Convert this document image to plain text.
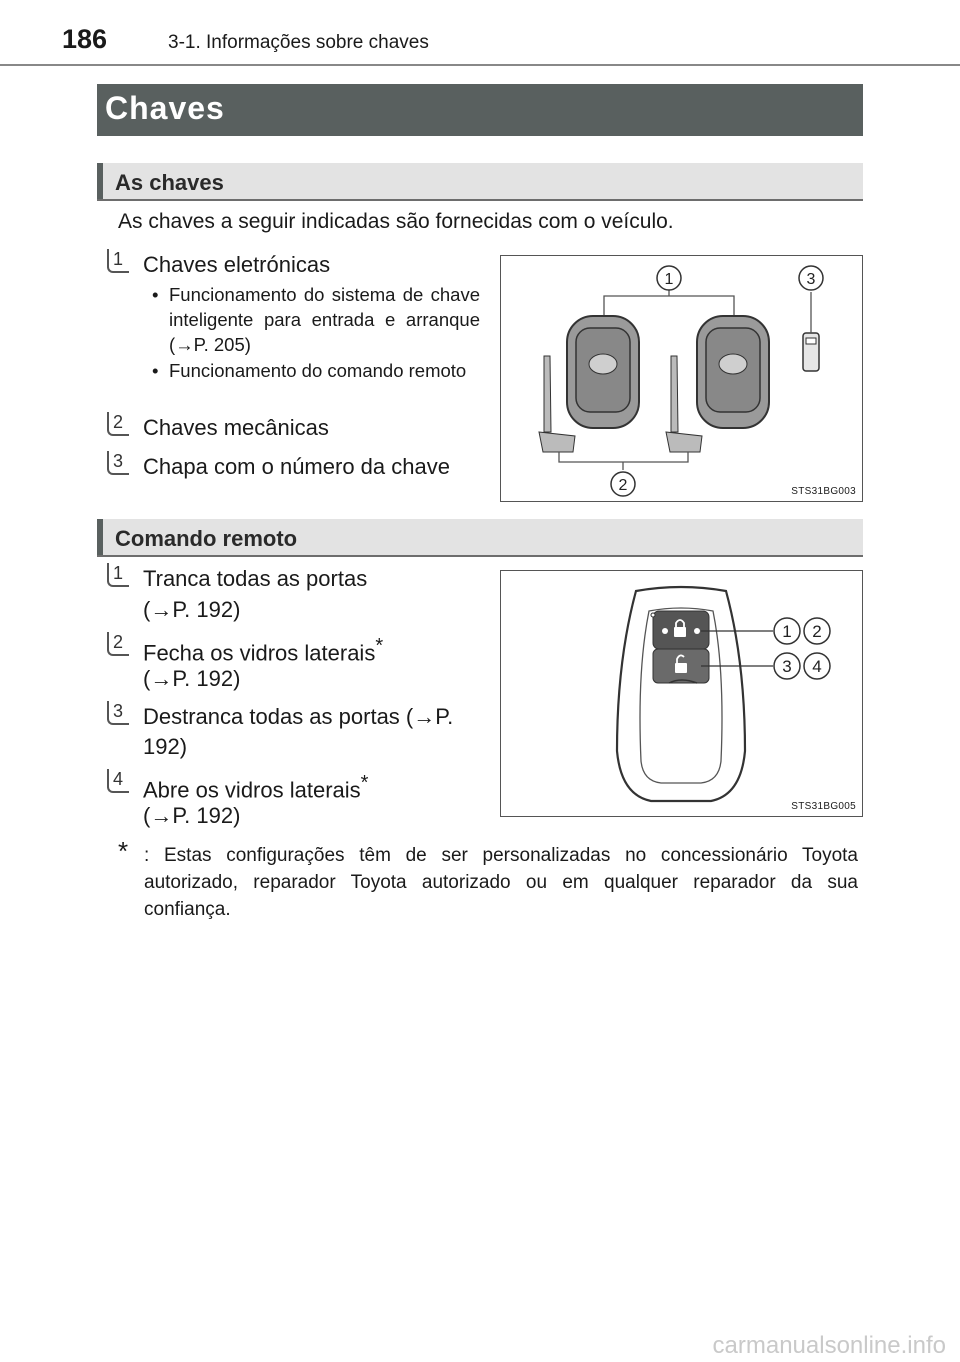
186	3-1. Informações sobre chaves
Chaves
As chaves

As chaves a seguir indicadas são fornecidas com o veículo.

1 Chaves eletrónicas
• Funcionamento do sistema de chave inteligente para entrada e arranque (→P. 205)
• Funcionamento do comando remoto
2 Chaves mecânicas
3 Chapa com o número da chave
1	3
2	STS31BG003
Comando remoto
1 Tranca todas as portas
(→P. 192)
2 Fecha os vidros laterais*
(→P. 192)
3 Destranca todas as portas (→P.
192)
4 Abre os vidros laterais*
(→P. 192)
1 2
3 4
STS31BG005
* : Estas configurações têm de ser personalizadas no concessionário Toyota autorizado, reparador Toyota autorizado ou em qualquer reparador da sua confiança.
carmanualsonline.info
